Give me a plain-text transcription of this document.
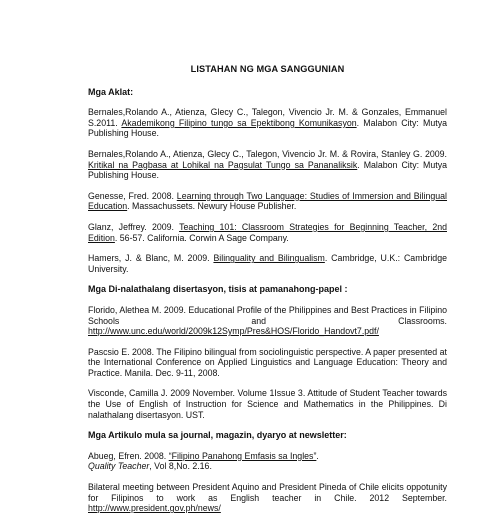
LISTAHAN NG MGA SANGGUNIAN
Mga Aklat:
Bernales,Rolando A., Atienza, Glecy C., Talegon, Vivencio Jr. M. & Gonzales, Emmanuel S.2011. Akademikong Filipino tungo sa Epektibong Komunikasyon. Malabon City: Mutya Publishing House.
Bernales,Rolando A., Atienza, Glecy C., Talegon, Vivencio Jr. M. & Rovira, Stanley G. 2009. Kritikal na Pagbasa at Lohikal na Pagsulat Tungo sa Pananaliksik. Malabon City: Mutya Publishing House.
Genesse, Fred. 2008. Learning through Two Language: Studies of Immersion and Bilingual Education. Massachussets. Newury House Publisher.
Glanz, Jeffrey. 2009. Teaching 101: Classroom Strategies for Beginning Teacher, 2nd Edition. 56-57. California. Corwin A Sage Company.
Hamers, J. & Blanc, M. 2009. Bilinguality and Bilingualism. Cambridge, U.K.: Cambridge University.
Mga Di-nalathalang disertasyon, tisis at pamanahong-papel :
Florido, Alethea M. 2009. Educational Profile of the Philippines and Best Practices in Filipino Schools and Classrooms. http://www.unc.edu/world/2009k12Symp/Pres&HOS/Florido_Handovt7.pdf/
Pascsio E. 2008. The Filipino bilingual from sociolinguistic perspective. A paper presented at the International Conference on Applied Linguistics and Language Education: Theory and Practice. Manila. Dec. 9-11, 2008.
Visconde, Camilla J. 2009 November. Volume 1Issue 3. Attitude of Student Teacher towards the Use of English of Instruction for Science and Mathematics in the Philippines. Di nalathalang disertasyon. UST.
Mga Artikulo mula sa journal, magazin, dyaryo at newsletter:
Abueg, Efren. 2008. “Filipino Panahong Emfasis sa Ingles”.
Quality Teacher, Vol 8,No. 2.16.
Bilateral meeting between President Aquino and President Pineda of Chile elicits oppotunity for Filipinos to work as English teacher in Chile. 2012 September. http://www.president.gov.ph/news/
